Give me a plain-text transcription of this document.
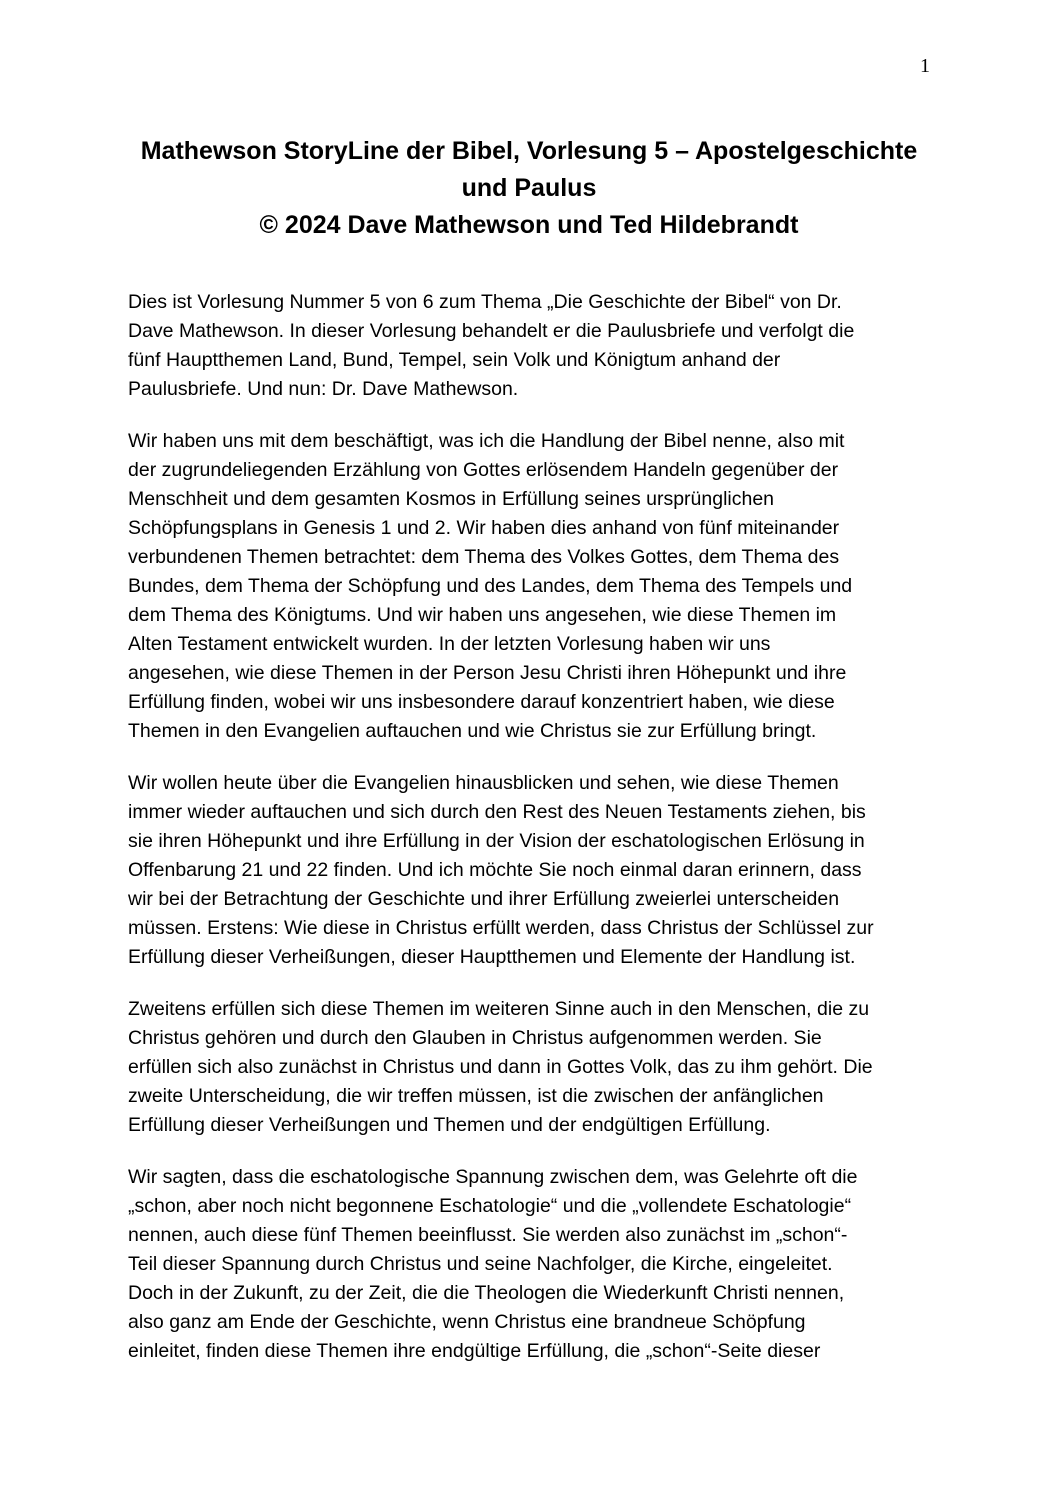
1
Mathewson StoryLine der Bibel, Vorlesung 5 – Apostelgeschichte
und Paulus
© 2024 Dave Mathewson und Ted Hildebrandt

Dies ist Vorlesung Nummer 5 von 6 zum Thema „Die Geschichte der Bibel“ von Dr.
Dave Mathewson. In dieser Vorlesung behandelt er die Paulusbriefe und verfolgt die
fünf Hauptthemen Land, Bund, Tempel, sein Volk und Königtum anhand der
Paulusbriefe. Und nun: Dr. Dave Mathewson.

Wir haben uns mit dem beschäftigt, was ich die Handlung der Bibel nenne, also mit
der zugrundeliegenden Erzählung von Gottes erlösendem Handeln gegenüber der
Menschheit und dem gesamten Kosmos in Erfüllung seines ursprünglichen
Schöpfungsplans in Genesis 1 und 2. Wir haben dies anhand von fünf miteinander
verbundenen Themen betrachtet: dem Thema des Volkes Gottes, dem Thema des
Bundes, dem Thema der Schöpfung und des Landes, dem Thema des Tempels und
dem Thema des Königtums. Und wir haben uns angesehen, wie diese Themen im
Alten Testament entwickelt wurden. In der letzten Vorlesung haben wir uns
angesehen, wie diese Themen in der Person Jesu Christi ihren Höhepunkt und ihre
Erfüllung finden, wobei wir uns insbesondere darauf konzentriert haben, wie diese
Themen in den Evangelien auftauchen und wie Christus sie zur Erfüllung bringt.

Wir wollen heute über die Evangelien hinausblicken und sehen, wie diese Themen
immer wieder auftauchen und sich durch den Rest des Neuen Testaments ziehen, bis
sie ihren Höhepunkt und ihre Erfüllung in der Vision der eschatologischen Erlösung in
Offenbarung 21 und 22 finden. Und ich möchte Sie noch einmal daran erinnern, dass
wir bei der Betrachtung der Geschichte und ihrer Erfüllung zweierlei unterscheiden
müssen. Erstens: Wie diese in Christus erfüllt werden, dass Christus der Schlüssel zur
Erfüllung dieser Verheißungen, dieser Hauptthemen und Elemente der Handlung ist.

Zweitens erfüllen sich diese Themen im weiteren Sinne auch in den Menschen, die zu
Christus gehören und durch den Glauben in Christus aufgenommen werden. Sie
erfüllen sich also zunächst in Christus und dann in Gottes Volk, das zu ihm gehört. Die
zweite Unterscheidung, die wir treffen müssen, ist die zwischen der anfänglichen
Erfüllung dieser Verheißungen und Themen und der endgültigen Erfüllung.

Wir sagten, dass die eschatologische Spannung zwischen dem, was Gelehrte oft die
„schon, aber noch nicht begonnene Eschatologie“ und die „vollendete Eschatologie“
nennen, auch diese fünf Themen beeinflusst. Sie werden also zunächst im „schon“-
Teil dieser Spannung durch Christus und seine Nachfolger, die Kirche, eingeleitet.
Doch in der Zukunft, zu der Zeit, die die Theologen die Wiederkunft Christi nennen,
also ganz am Ende der Geschichte, wenn Christus eine brandneue Schöpfung
einleitet, finden diese Themen ihre endgültige Erfüllung, die „schon“-Seite dieser
